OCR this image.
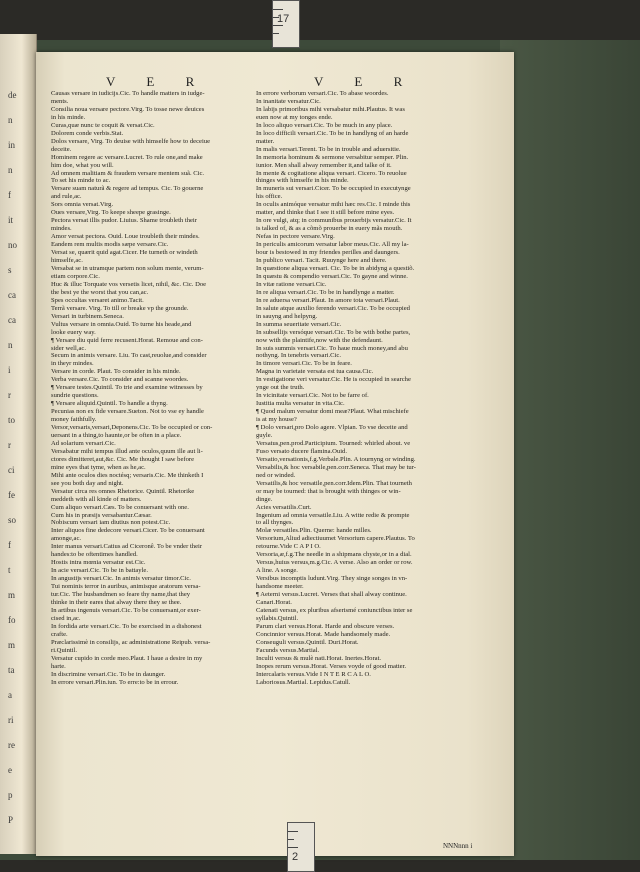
17
de
n
in
n
f
it
no
s
ca
ca
n
i
r
to
r
ci
fe
so
f
t
m
fo
m
ta
a
ri
re
e
p
P
V E R	V E R
Causas versare in iudicijs.Cic. To handle matters in iudge-
ments.
Consilia noua versare pectore.Virg. To tosse newe deuices
in his minde.
Curas,quæ nunc te coquit & versat.Cic.
Dolorem conde verbis.Stat.
Dolos versare, Virg. To deuise with himselfe how to deceiue
deceite.
Hominem regere ac versare.Lucret. To rule one,and make
him doe, what you will.
Ad omnem malitiam & fraudem versare mentem suã. Cic.
To set his minde to ac.
Versare suam naturã & regere ad tempus. Cic. To gouerne
and rule,ac.
Sors omnia versat.Virg.
Oues versare,Virg. To keepe sheepe grasinge.
Pectora versat illis pudor. Liuius. Shame troubleth their
mindes.
Amor versat pectora. Ouid. Loue troubleth their mindes.
Eandem rem multis modis sæpe versare.Cic.
Versat se, quærit quid agat.Cicer. He turneth or windeth
himselfe,ac.
Versabat se in utramque partem non solum mente, verum-
etiam corpore.Cic.
Huc & illuc Torquate vos versetis licet, nihil, &c. Cic. Doe
the best ye the worst that you can,ac.
Spes occultas versaret animo.Tacit.
Terrã versare. Virg. To till or breake vp the grounde.
Versari in turbinem.Seneca.
Vultus versare in omnia.Ouid. To turne his heade,and
looke euery way.
¶ Versare diu quid ferre recusent.Horat. Remoue and con-
sider well,ac.
Secum in animis versare. Liu. To cast,reuolue,and consider
in theyr mindes.
Versare in corde. Plaut. To consider in his minde.
Verba versare.Cic. To consider and scanne woordes.
¶ Versare testes.Quintil. To trie and examine witnesses by
sundrie questions.
¶ Versare aliquid.Quintil. To handle a thyng.
Pecunias non ex fide versare.Sueton. Not to vse ey handle
money faithfully.
Versor,versaris,versari,Deponens.Cic. To be occupied or con-
uersant in a thing,to haunte,or be often in a place.
Ad solarium versari.Cic.
Versabatur mihi tempus illud ante oculos,quum ille aut li-
ctores dimitteret,aut,&c. Cic. Me thought I saw before
mine eyes that tyme, when as he,ac.
Mihi ante oculos dies noctésq; versaris.Cic. Me thinketh I
see you both day and night.
Versatur circa res omnes Rhetorice. Quintil. Rhetorike
meddeth with all kinde of matters.
Cum aliquo versari.Cæs. To be conuersant with one.
Cum his in præsijs versabantur.Cæsar.
Nobiscum versari iam diutius non potest.Cic.
Inter aliquos fine dedecore versari.Cicer. To be conuersant
amonge,ac.
Inter manus versari.Catius ad Ciceronê. To be vnder their
handes:to be oftentimes handled.
Hostis intra mœnia versatur est.Cic.
In acie versari.Cic. To be in battayle.
In angustijs versari.Cic. In animis versatur timor.Cic.
Tui nominis terror in auribus, animisque aratorum versa-
tur.Cic. The husbandmen so feare thy name,that they
thinke in their eares that alway there they se thee.
In artibus ingenuis versari.Cic. To be conuersant,or exer-
cised in,ac.
In fordida arte versari.Cic. To be exercised in a dishonest
crafte.
Præclarissimè in consilijs, ac administratione Reipub. versa-
ri.Quintil.
Versatur cupido in corde meo.Plaut. I haue a desire in my
harte.
In discrimine versari.Cic. To be in daunger.
In errore versari.Plin.iun. To erre:to be in errour.
In errore verborum versari.Cic. To abase woordes.
In inanitate versatur.Cic.
In labijs primoribus mihi versabatur mihi.Plautus. It was
euen now at my tonges ende.
In loco aliquo versari.Cic. To be much in any place.
In loco difficili versari.Cic. To be in handlyng of an harde
matter.
In malis versari.Terent. To be in trouble and aduersitie.
In memoria hominum & sermone versabitur semper. Plin.
iunior. Men shall alway remember it,and talke of it.
In mente & cogitatione aliqua versari. Cicero. To reuolue
thinges with himselfe in his minde.
In muneris sui versari.Cicer. To be occupied in executynge
his office.
In oculis animóque versatur mihi hæc res.Cic. I minde this
matter, and thinke that I see it still before mine eyes.
In ore vulgi, atq; in communibus prouerbijs versatur.Cic. It
is talked of, & as a cõmõ prouerbe in euery mãs mouth.
Nefas in pectore versare.Virg.
In periculis amicorum versatur labor meus.Cic. All my la-
bour is bestowed in my friendes perilles and daungers.
In publico versari. Tacit. Ruuynge here and there.
In quæstione aliqua versari. Cic. To be in abidyng a questiõ.
In quæstu & compendio versari.Cic. To gayne and winne.
In vitæ ratione versari.Cic.
In re aliqua versari.Cic. To be in handlynge a matter.
In re aduersa versari.Plaut. In amore tota versari.Plaut.
In salute atque auxilio ferendo versari.Cic. To be occupied
in sauyng and helpyng.
In summa seueritate versari.Cic.
In subsellijs versóque versari.Cic. To be with bothe partes,
now with the plaintife,now with the defendaunt.
In suis summis versari.Cic. To haue much money,and abu
nothyng. In tenebris versari.Cic.
In timore versari.Cic. To be in feare.
Magna in varietate versata est tua causa.Cic.
In vestigatione veri versatur.Cic. He is occupied in searche
ynge out the truth.
In vicinitate versari.Cic. Not to be farre of.
Iustitia multa versatur in vita.Cic.
¶ Quod malum versatur domi meæ?Plaut. What mischiefe
is at my house?
¶ Dolo versari,pro Dolo agere. Vlpian. To vse deceite and
guyle.
Versatus,pen.prod.Participium. Tourned: whirled about. ve
Fuso versato ducere flamina.Ouid.
Versatio,versationis,f.g.Verbale.Plin. A tournyng or winding.
Versabilis,& hoc versabile,pen.corr.Seneca. That may be tur-
ned or winded.
Versatilis,& hoc versatile,pen.corr.Idem.Plin. That tourneth
or may be tourned: that is brought with thinges or win-
dinge.
Acies versatilis.Curt.
Ingenium ad omnia versatile.Liu. A witte redie & prompte
to all thynges.
Molæ versatiles.Plin. Querne: hande milles.
Versorium,Aliud adiectiuumet Versorium capere.Plautus. To
retourne.Vide C A P I O.
Versoria,æ,f.g.The needle in a shipmans chyste,or in a dial.
Versus,huius versus,m.g.Cic. A verse. Also an order or row.
A line. A songe.
Versibus incomptis ludunt.Virg. They singe songes in vn-
handsome meeter.
¶ Aeterni versus.Lucret. Verses that shall alway continue.
Canari.Horat.
Catenati versus, ex pluribus afserismé coniunctibus inter se
syllabis.Quintil.
Parum clari versus.Horat. Harde and obscure verses.
Concinnior versus.Horat. Made handsomely made.
Conseuguli versus.Quintil. Duri.Horat.
Facunds versus.Martial.
Inculti versus & mulè nati.Horat. Inertes.Horat.
Inopes rerum versus.Horat. Verses voyde of good matter.
Intercalaris versus.Vide I N T E R C A L O.
Laboriosus.Martial. Lepidus.Catull.
NNNnnn i
2
